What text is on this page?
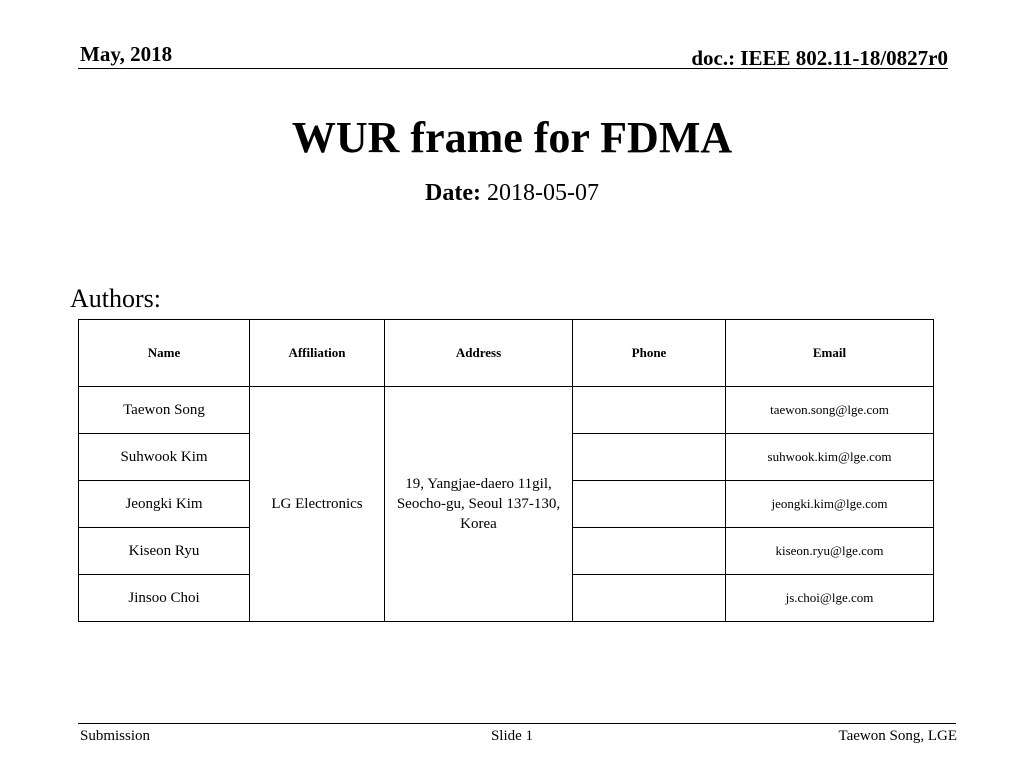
May, 2018	doc.: IEEE 802.11-18/0827r0
WUR frame for FDMA
Date: 2018-05-07
Authors:
Name	Affiliation	Address	Phone	Email
Taewon Song	LG Electronics	19, Yangjae-daero 11gil, Seocho-gu, Seoul 137-130, Korea		taewon.song@lge.com
Suhwook Kim				suhwook.kim@lge.com
Jeongki Kim				jeongki.kim@lge.com
Kiseon Ryu				kiseon.ryu@lge.com
Jinsoo Choi				js.choi@lge.com
Submission	Slide 1	Taewon Song, LGE
